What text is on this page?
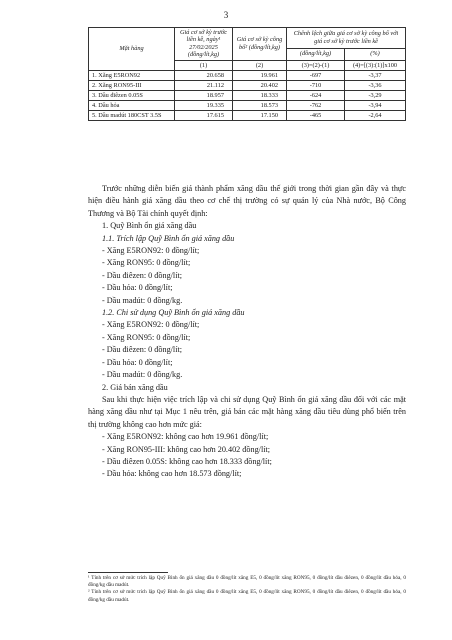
3
Mặt hàng	Giá cơ sở kỳ trước liền kề, ngày¹ 27/02/2025 (đồng/lít,kg)	Giá cơ sở kỳ công bố² (đồng/lít,kg)	Chênh lệch giữa giá cơ sở kỳ công bố với giá cơ sở kỳ trước liền kề	
			(đồng/lít,kg)	(%)
	(1)	(2)	(3)=(2)-(1)	(4)=[(3):(1)]x100
1. Xăng E5RON92	20.658	19.961	-697	-3,37
2. Xăng RON95-III	21.112	20.402	-710	-3,36
3. Dầu điêzen 0.05S	18.957	18.333	-624	-3,29
4. Dầu hỏa	19.335	18.573	-762	-3,94
5. Dầu madút 180CST 3.5S	17.615	17.150	-465	-2,64

Trước những diễn biến giá thành phẩm xăng dầu thế giới trong thời gian gần đây và thực hiện điều hành giá xăng dầu theo cơ chế thị trường có sự quản lý của Nhà nước, Bộ Công Thương và Bộ Tài chính quyết định:

1. Quỹ Bình ổn giá xăng dầu

1.1. Trích lập Quỹ Bình ổn giá xăng dầu

- Xăng E5RON92: 0 đồng/lít;

- Xăng RON95: 0 đồng/lít;

- Dầu điêzen: 0 đồng/lít;

- Dầu hỏa: 0 đồng/lít;

- Dầu madút: 0 đồng/kg.

1.2. Chi sử dụng Quỹ Bình ổn giá xăng dầu

- Xăng E5RON92: 0 đồng/lít;

- Xăng RON95: 0 đồng/lít;

- Dầu điêzen: 0 đồng/lít;

- Dầu hỏa: 0 đồng/lít;

- Dầu madút: 0 đồng/kg.

2. Giá bán xăng dầu

Sau khi thực hiện việc trích lập và chi sử dụng Quỹ Bình ổn giá xăng dầu đối với các mặt hàng xăng dầu như tại Mục 1 nêu trên, giá bán các mặt hàng xăng dầu tiêu dùng phổ biến trên thị trường không cao hơn mức giá:

- Xăng E5RON92: không cao hơn 19.961 đồng/lít;

- Xăng RON95-III: không cao hơn 20.402 đồng/lít;

- Dầu điêzen 0.05S: không cao hơn 18.333 đồng/lít;

- Dầu hỏa: không cao hơn 18.573 đồng/lít;

¹ Tính trên cơ sở mức trích lập Quỹ Bình ổn giá xăng dầu 0 đồng/lít xăng E5, 0 đồng/lít xăng RON95, 0 đồng/lít dầu điêzen, 0 đồng/lít dầu hỏa, 0 đồng/kg dầu madút.

² Tính trên cơ sở mức trích lập Quỹ Bình ổn giá xăng dầu 0 đồng/lít xăng E5, 0 đồng/lít xăng RON95, 0 đồng/lít dầu điêzen, 0 đồng/lít dầu hỏa, 0 đồng/kg dầu madút.
